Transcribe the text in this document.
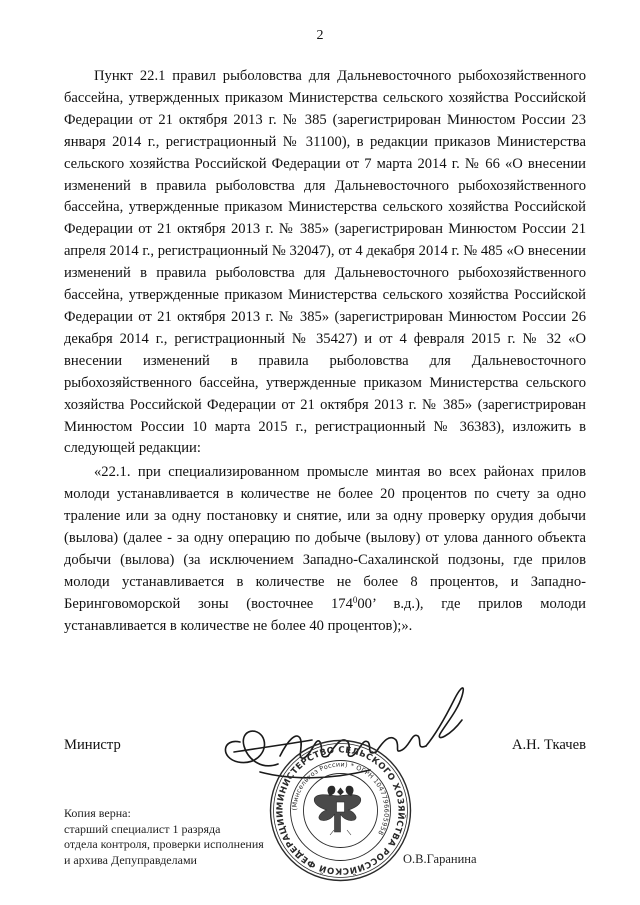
2

Пункт 22.1 правил рыболовства для Дальневосточного рыбохозяйственного бассейна, утвержденных приказом Министерства сельского хозяйства Российской Федерации от 21 октября 2013 г. № 385 (зарегистрирован Минюстом России 23 января 2014 г., регистрационный № 31100), в редакции приказов Министерства сельского хозяйства Российской Федерации от 7 марта 2014 г. № 66 «О внесении изменений в правила рыболовства для Дальневосточного рыбохозяйственного бассейна, утвержденные приказом Министерства сельского хозяйства Российской Федерации от 21 октября 2013 г. № 385» (зарегистрирован Минюстом России 21 апреля 2014 г., регистрационный № 32047), от 4 декабря 2014 г. № 485 «О внесении изменений в правила рыболовства для Дальневосточного рыбохозяйственного бассейна, утвержденные приказом Министерства сельского хозяйства Российской Федерации от 21 октября 2013 г. № 385» (зарегистрирован Минюстом России 26 декабря 2014 г., регистрационный № 35427) и от 4 февраля 2015 г. № 32 «О внесении изменений в правила рыболовства для Дальневосточного рыбохозяйственного бассейна, утвержденные приказом Министерства сельского хозяйства Российской Федерации от 21 октября 2013 г. № 385» (зарегистрирован Минюстом России 10 марта 2015 г., регистрационный № 36383), изложить в следующей редакции:

«22.1. при специализированном промысле минтая во всех районах прилов молоди устанавливается в количестве не более 20 процентов по счету за одно траление или за одну постановку и снятие, или за одну проверку орудия добычи (вылова) (далее - за одну операцию по добыче (вылову) от улова данного объекта добычи (вылова) (за исключением Западно-Сахалинской подзоны, где прилов молоди устанавливается в количестве не более 8 процентов, и Западно-Беринговоморской зоны (восточнее $174^000$’ в.д.), где прилов молоди устанавливается в количестве не более 40 процентов);».

Министр	А.Н. Ткачев
МИНИСТЕРСТВО СЕЛЬСКОГО ХОЗЯЙСТВА РОССИЙСКОЙ ФЕДЕРАЦИИ
(Минсельхоз России) * ОГРН 1047796605958
Копия верна:
старший специалист 1 разряда
отдела контроля, проверки исполнения
и архива Депуправделами	О.В.Гаранина
